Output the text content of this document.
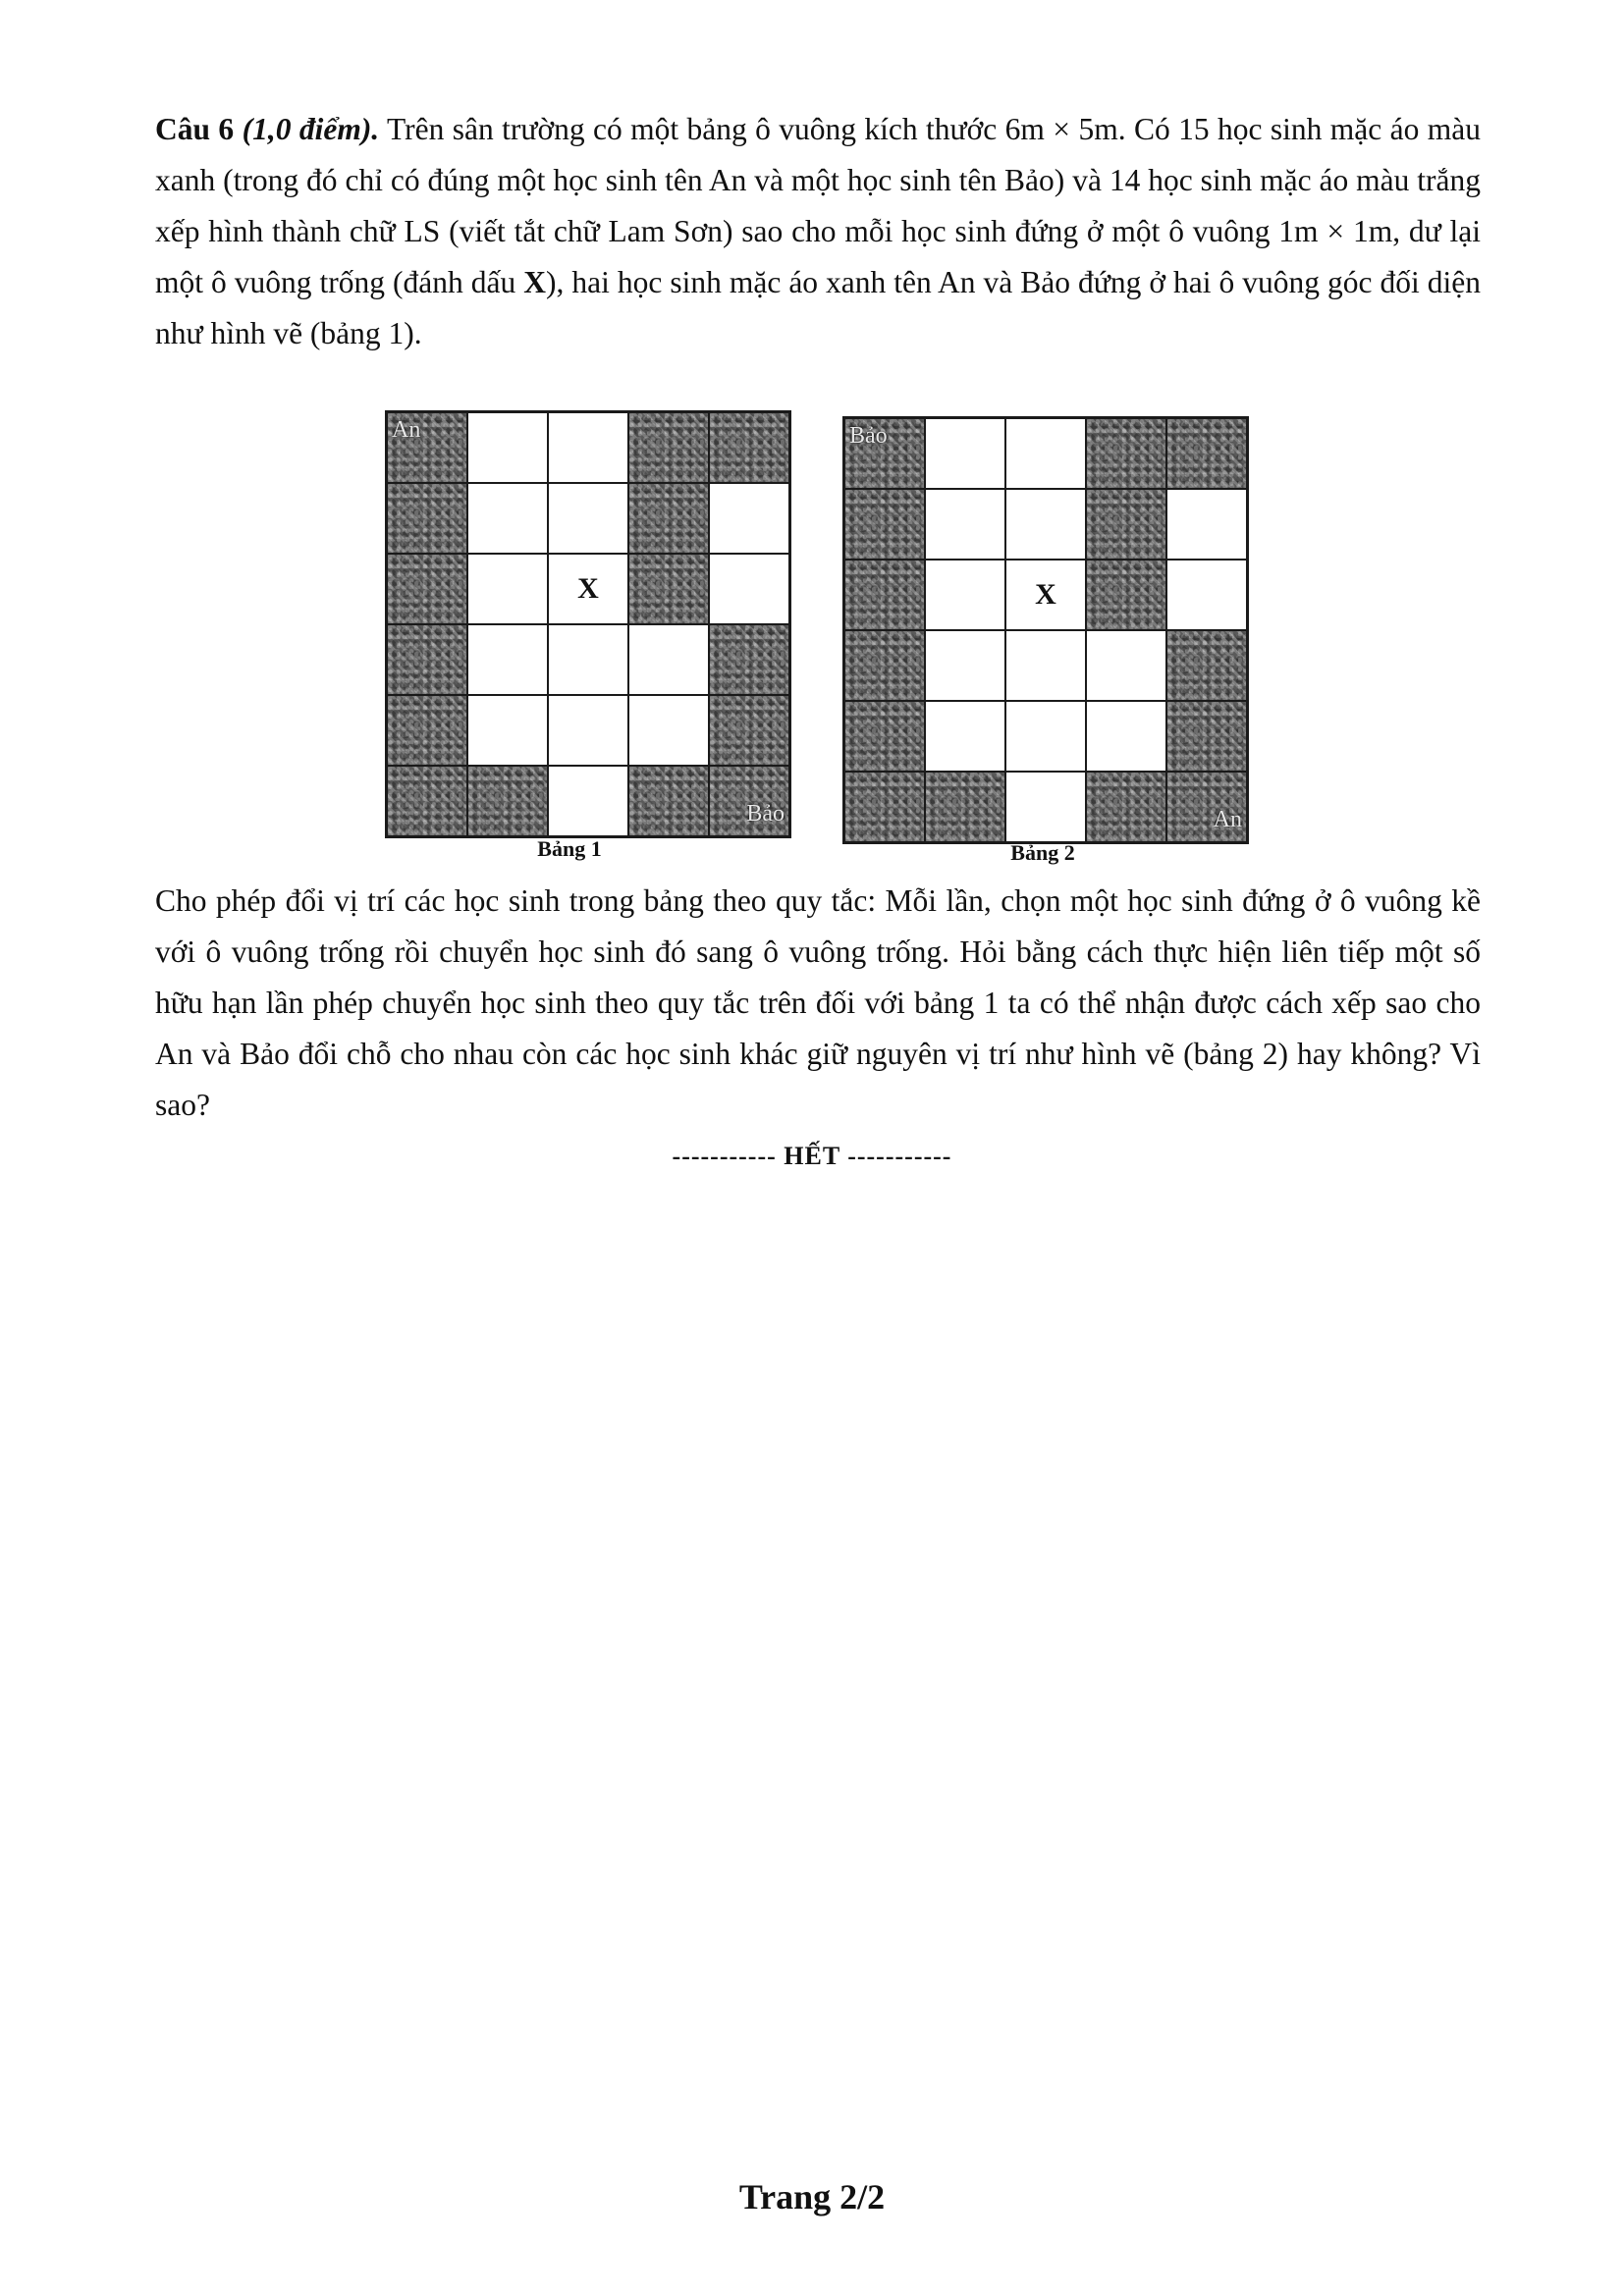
Câu 6 (1,0 điểm). Trên sân trường có một bảng ô vuông kích thước 6m × 5m. Có 15 học sinh mặc áo màu xanh (trong đó chỉ có đúng một học sinh tên An và một học sinh tên Bảo) và 14 học sinh mặc áo màu trắng xếp hình thành chữ LS (viết tắt chữ Lam Sơn) sao cho mỗi học sinh đứng ở một ô vuông 1m × 1m, dư lại một ô vuông trống (đánh dấu X), hai học sinh mặc áo xanh tên An và Bảo đứng ở hai ô vuông góc đối diện như hình vẽ (bảng 1).

An
X
Bảo
Bảng 1
Bảo
X
An
Bảng 2

Cho phép đổi vị trí các học sinh trong bảng theo quy tắc: Mỗi lần, chọn một học sinh đứng ở ô vuông kề với ô vuông trống rồi chuyển học sinh đó sang ô vuông trống. Hỏi bằng cách thực hiện liên tiếp một số hữu hạn lần phép chuyển học sinh theo quy tắc trên đối với bảng 1 ta có thể nhận được cách xếp sao cho An và Bảo đổi chỗ cho nhau còn các học sinh khác giữ nguyên vị trí như hình vẽ (bảng 2) hay không? Vì sao?

----------- HẾT -----------
Trang 2/2
